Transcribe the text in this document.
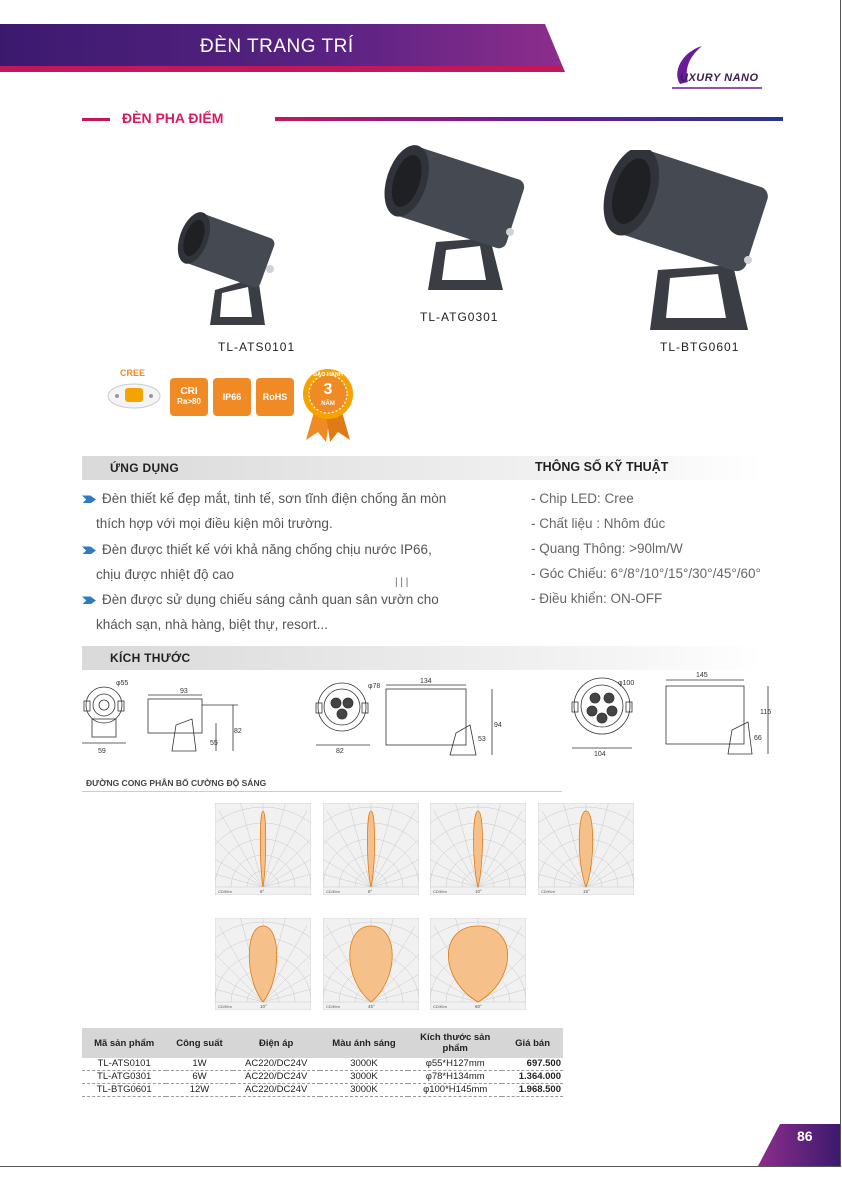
ĐÈN TRANG TRÍ
UXURY NANO
ĐÈN PHA ĐIỂM
TL-ATS0101
TL-ATG0301
TL-BTG0601
CREE
CRI
Ra>80 IP66 RoHS
BẢO HÀNH
3
NĂM
ỨNG DỤNG	THÔNG SỐ KỸ THUẬT
Đèn thiết kế đẹp mắt, tinh tế, sơn tĩnh điện chống ăn mòn
thích hợp với mọi điều kiện môi trường.
Đèn được thiết kế với khả năng chống chịu nước IP66,
chịu được nhiệt độ cao
Đèn được sử dụng chiếu sáng cảnh quan sân vườn cho
khách sạn, nhà hàng, biệt thự, resort...
| | |
- Chip LED: Cree
- Chất liệu : Nhôm đúc
- Quang Thông: >90lm/W
- Góc Chiếu: 6°/8°/10°/15°/30°/45°/60°
- Điều khiển: ON-OFF
KÍCH THƯỚC
φ55
59
93
82
55
φ78
82
134
94
53
φ100
104
145
116
66
ĐƯỜNG CONG PHÂN BỐ CƯỜNG ĐỘ SÁNG
CD/Klm	6°	CD/Klm	8°	CD/Klm	10°	CD/Klm	15°
CD/Klm	10°	CD/Klm	45°	CD/Klm	60°
Mã sản phẩm	Công suất	Điện áp	Màu ánh sáng	Kích thước sản phẩm	Giá bán
TL-ATS0101	1W	AC220/DC24V	3000K	φ55*H127mm	697.500
TL-ATG0301	6W	AC220/DC24V	3000K	φ78*H134mm	1.364.000
TL-BTG0601	12W	AC220/DC24V	3000K	φ100*H145mm	1.968.500
86
